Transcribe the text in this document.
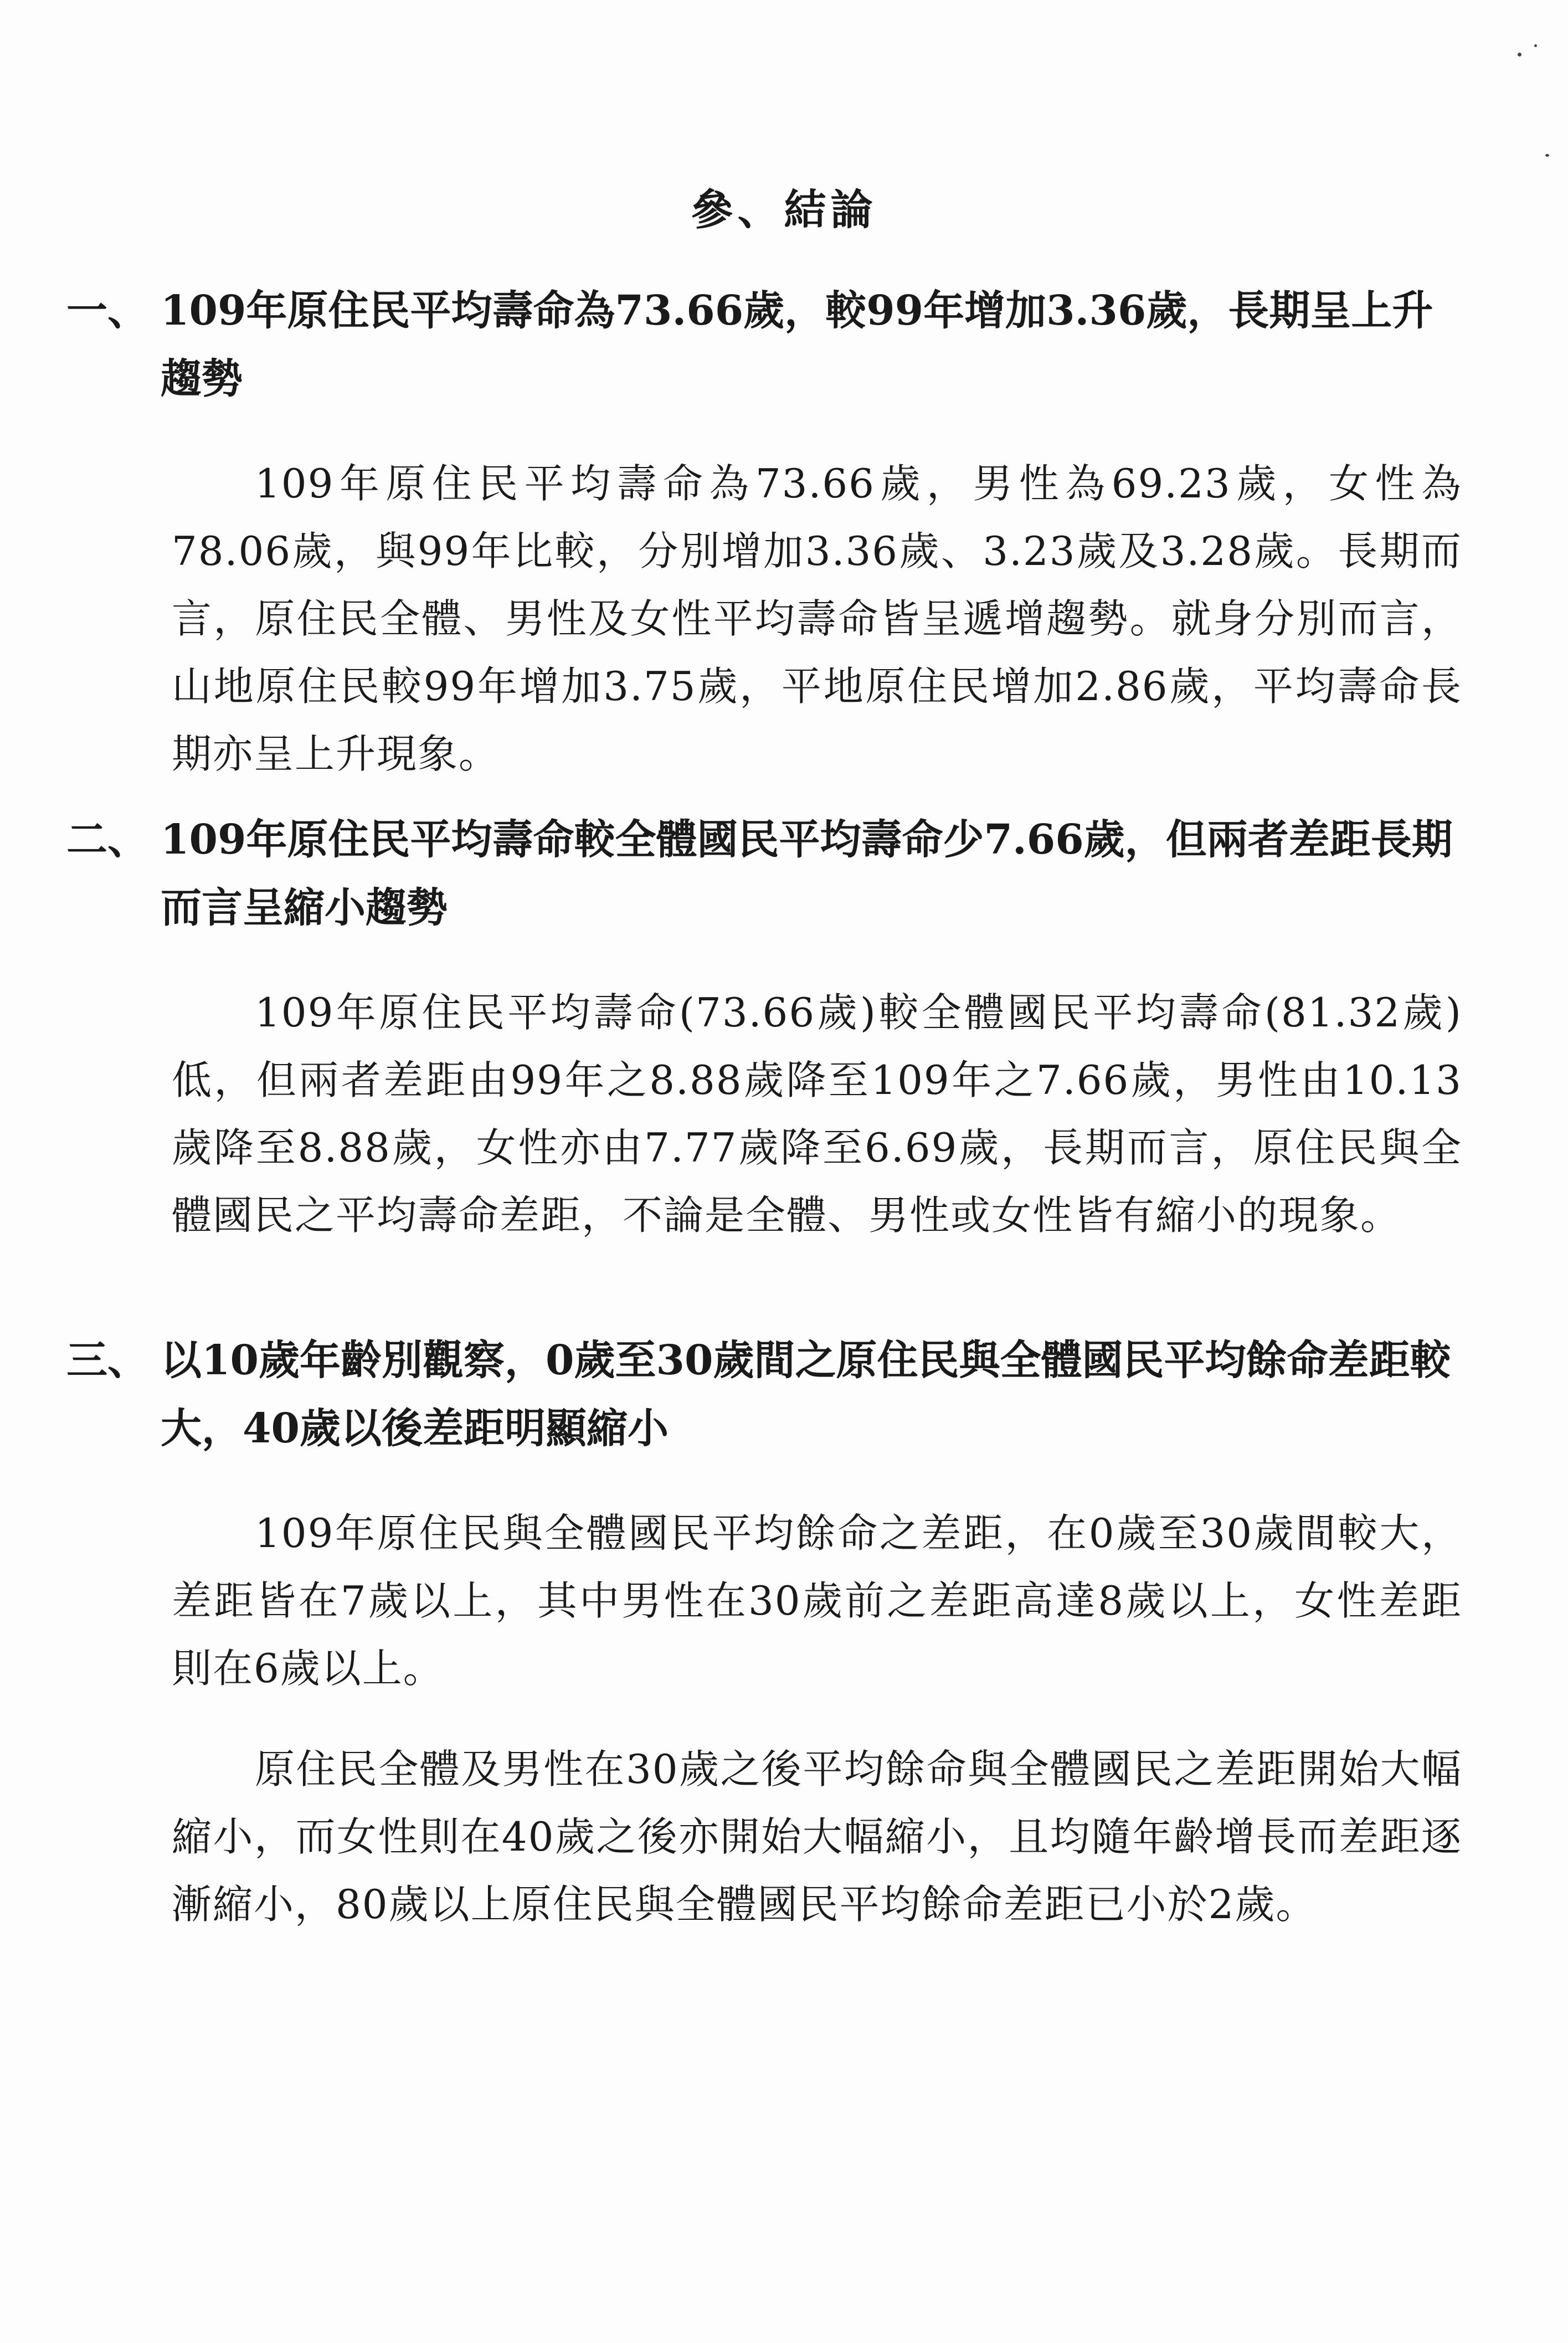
參、結論
一、 109年原住民平均壽命為73.66歲，較99年增加3.36歲，長期呈上升趨勢

109年原住民平均壽命為73.66歲，男性為69.23歲，女性為78.06歲，與99年比較，分別增加3.36歲、3.23歲及3.28歲。長期而言，原住民全體、男性及女性平均壽命皆呈遞增趨勢。就身分別而言，山地原住民較99年增加3.75歲，平地原住民增加2.86歲，平均壽命長期亦呈上升現象。

二、 109年原住民平均壽命較全體國民平均壽命少7.66歲，但兩者差距長期而言呈縮小趨勢

109年原住民平均壽命(73.66歲)較全體國民平均壽命(81.32歲)低，但兩者差距由99年之8.88歲降至109年之7.66歲，男性由10.13歲降至8.88歲，女性亦由7.77歲降至6.69歲，長期而言，原住民與全體國民之平均壽命差距，不論是全體、男性或女性皆有縮小的現象。

三、 以10歲年齡別觀察，0歲至30歲間之原住民與全體國民平均餘命差距較大，40歲以後差距明顯縮小

109年原住民與全體國民平均餘命之差距，在0歲至30歲間較大，差距皆在7歲以上，其中男性在30歲前之差距高達8歲以上，女性差距則在6歲以上。

原住民全體及男性在30歲之後平均餘命與全體國民之差距開始大幅縮小，而女性則在40歲之後亦開始大幅縮小，且均隨年齡增長而差距逐漸縮小，80歲以上原住民與全體國民平均餘命差距已小於2歲。
